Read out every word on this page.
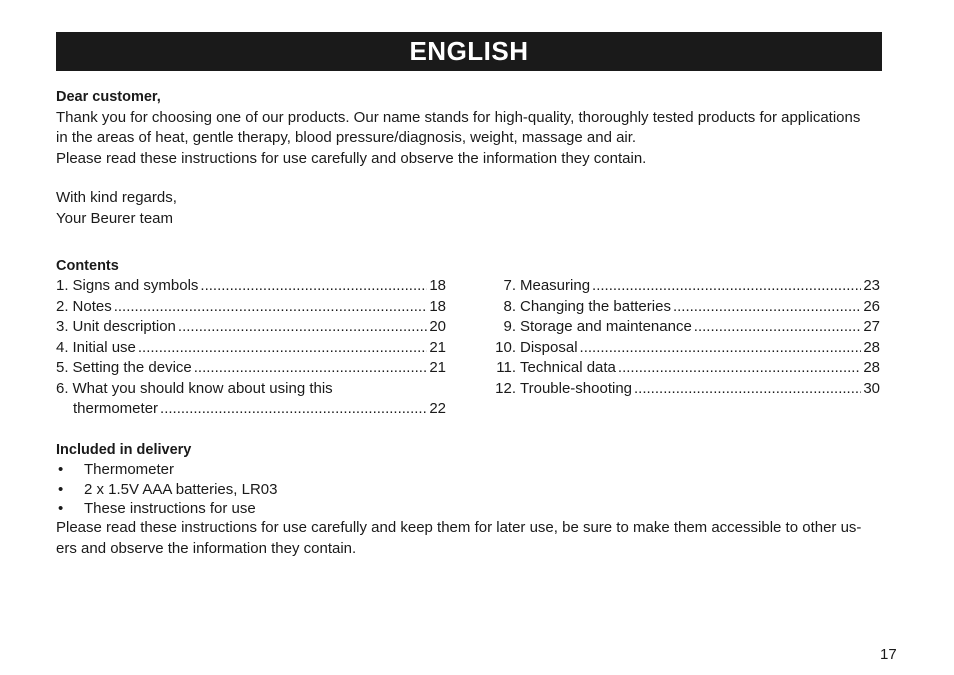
ENGLISH
Dear customer,
Thank you for choosing one of our products. Our name stands for high-quality, thoroughly tested products for applications
in the areas of heat, gentle therapy, blood pressure/diagnosis, weight, massage and air.
Please read these instructions for use carefully and observe the information they contain.
With kind regards,
Your Beurer team
Contents
1. Signs and symbols .....	18
2. Notes .....	18
3. Unit description .....	20
4. Initial use .....	21
5. Setting the device .....	21
6. What you should know about using this
thermometer .....	22
7. Measuring .....	23
8. Changing the batteries .....	26
9. Storage and maintenance .....	27
10. Disposal .....	28
11. Technical data .....	28
12. Trouble-shooting .....	30
Included in delivery
•	Thermometer
•	2 x 1.5V AAA batteries, LR03
•	These instructions for use
Please read these instructions for use carefully and keep them for later use, be sure to make them accessible to other us-
ers and observe the information they contain.
17
